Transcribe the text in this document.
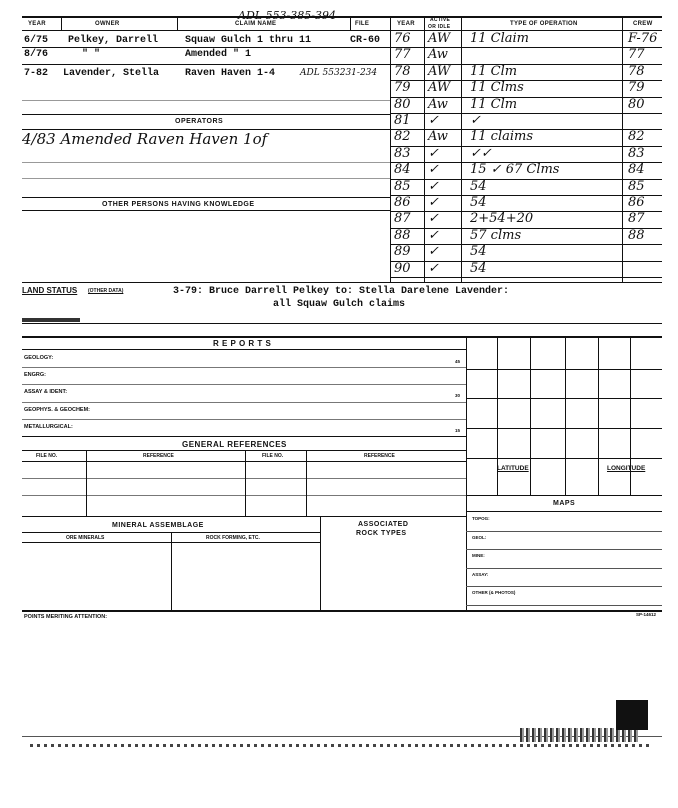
YEAR	OWNER	CLAIM NAME	FILE	YEAR
ACTIVE
OR IDLE	TYPE OF OPERATION	CREW
ADL 553-385-394
6/75 Pelkey, Darrell	Squaw Gulch 1 thru 11	CR-60
8/76	" "	Amended " 1
7-82 Lavender, Stella	Raven Haven 1-4	ADL 553231-234
OPERATORS
4/83 Amended Raven Haven 1of
OTHER PERSONS HAVING KNOWLEDGE
76 AW 11 Claim	F-76
77 Aw	77
78 AW 11 Clm	78
79 AW 11 Clms	79
80 Aw 11 Clm	80
81 ✓ ✓
82 Aw 11 claims	82
83 ✓ ✓✓	83
84 ✓ 15 ✓ 67 Clms	84
85 ✓ 54	85
86 ✓ 54	86
87 ✓ 2+54+20	87
88 ✓ 57 clms	88
89 ✓ 54
90 ✓ 54
LAND STATUS (OTHER DATA)	3-79: Bruce Darrell Pelkey to: Stella Darelene Lavender:
all Squaw Gulch claims
R E P O R T S
GEOLOGY:
45
ENGRG:
ASSAY & IDENT:
30
GEOPHYS. & GEOCHEM:
METALLURGICAL:
15
LATITUDE	LONGITUDE
GENERAL REFERENCES
FILE NO.	REFERENCE	FILE NO.	REFERENCE
MAPS
TOPOG:
GEOL:
MINE:
ASSAY:
OTHER (& PHOTOS)
MINERAL ASSEMBLAGE
ORE MINERALS	ROCK FORMING, ETC.
ASSOCIATED
ROCK TYPES
POINTS MERITING ATTENTION:	SP-14612
